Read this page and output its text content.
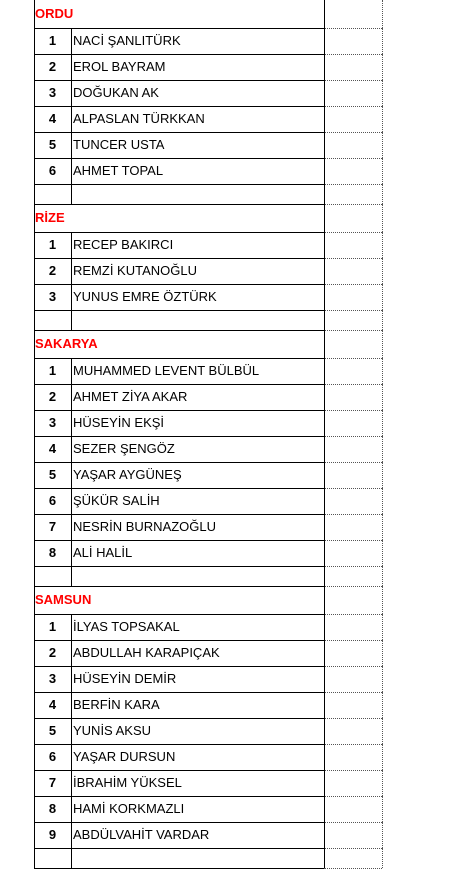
ORDU
1	NACİ ŞANLITÜRK
2	EROL BAYRAM
3	DOĞUKAN AK
4	ALPASLAN TÜRKKAN
5	TUNCER USTA
6	AHMET TOPAL
RİZE
1	RECEP BAKIRCI
2	REMZİ KUTANOĞLU
3	YUNUS EMRE ÖZTÜRK
SAKARYA
1	MUHAMMED LEVENT BÜLBÜL
2	AHMET ZİYA AKAR
3	HÜSEYİN EKŞİ
4	SEZER ŞENGÖZ
5	YAŞAR AYGÜNEŞ
6	ŞÜKÜR SALİH
7	NESRİN BURNAZOĞLU
8	ALİ HALİL
SAMSUN
1	İLYAS TOPSAKAL
2	ABDULLAH KARAPIÇAK
3	HÜSEYİN DEMİR
4	BERFİN KARA
5	YUNİS AKSU
6	YAŞAR DURSUN
7	İBRAHİM YÜKSEL
8	HAMİ KORKMAZLI
9	ABDÜLVAHİT VARDAR
